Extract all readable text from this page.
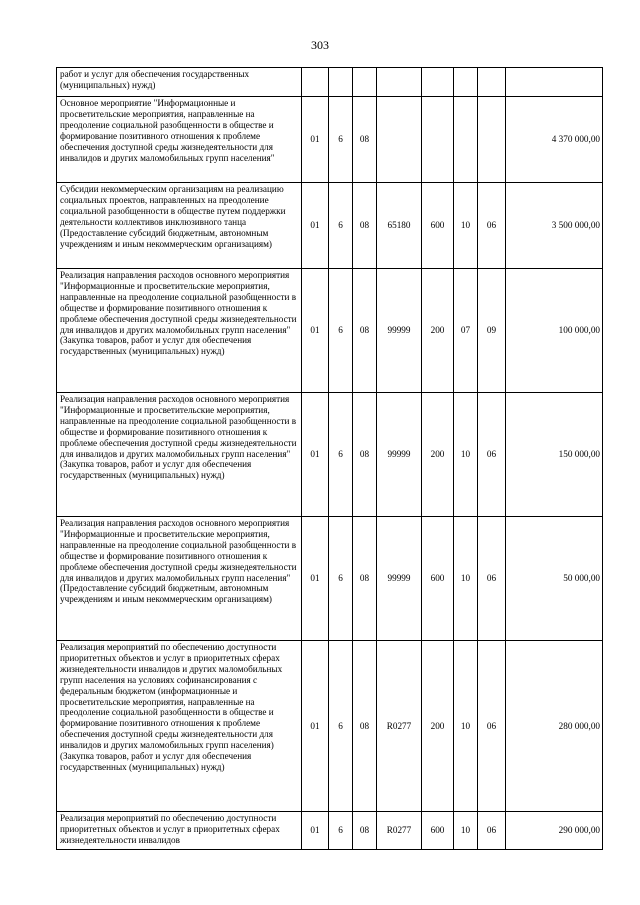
303
работ и услуг для обеспечения государственных (муниципальных) нужд)								
Основное мероприятие "Информационные и просветительские мероприятия, направленные на преодоление социальной разобщенности в обществе и формирование позитивного отношения к проблеме обеспечения доступной среды жизнедеятельности для инвалидов и других маломобильных групп населения"	01	6	08					4 370 000,00
Субсидии некоммерческим организациям на реализацию социальных проектов, направленных на преодоление социальной разобщенности в обществе путем поддержки деятельности коллективов инклюзивного танца (Предоставление субсидий бюджетным, автономным учреждениям и иным некоммерческим организациям)	01	6	08	65180	600	10	06	3 500 000,00
Реализация направления расходов основного мероприятия "Информационные и просветительские мероприятия, направленные на преодоление социальной разобщенности в обществе и формирование позитивного отношения к проблеме обеспечения доступной среды жизнедеятельности для инвалидов и других маломобильных групп населения" (Закупка товаров, работ и услуг для обеспечения государственных (муниципальных) нужд)	01	6	08	99999	200	07	09	100 000,00
Реализация направления расходов основного мероприятия "Информационные и просветительские мероприятия, направленные на преодоление социальной разобщенности в обществе и формирование позитивного отношения к проблеме обеспечения доступной среды жизнедеятельности для инвалидов и других маломобильных групп населения" (Закупка товаров, работ и услуг для обеспечения государственных (муниципальных) нужд)	01	6	08	99999	200	10	06	150 000,00
Реализация направления расходов основного мероприятия "Информационные и просветительские мероприятия, направленные на преодоление социальной разобщенности в обществе и формирование позитивного отношения к проблеме обеспечения доступной среды жизнедеятельности для инвалидов и других маломобильных групп населения" (Предоставление субсидий бюджетным, автономным учреждениям и иным некоммерческим организациям)	01	6	08	99999	600	10	06	50 000,00
Реализация мероприятий по обеспечению доступности приоритетных объектов и услуг в приоритетных сферах жизнедеятельности инвалидов и других маломобильных групп населения на условиях софинансирования с федеральным бюджетом (информационные и просветительские мероприятия, направленные на преодоление социальной разобщенности в обществе и формирование позитивного отношения к проблеме обеспечения доступной среды жизнедеятельности для инвалидов и других маломобильных групп населения) (Закупка товаров, работ и услуг для обеспечения государственных (муниципальных) нужд)	01	6	08	R0277	200	10	06	280 000,00
Реализация мероприятий по обеспечению доступности приоритетных объектов и услуг в приоритетных сферах жизнедеятельности инвалидов	01	6	08	R0277	600	10	06	290 000,00
